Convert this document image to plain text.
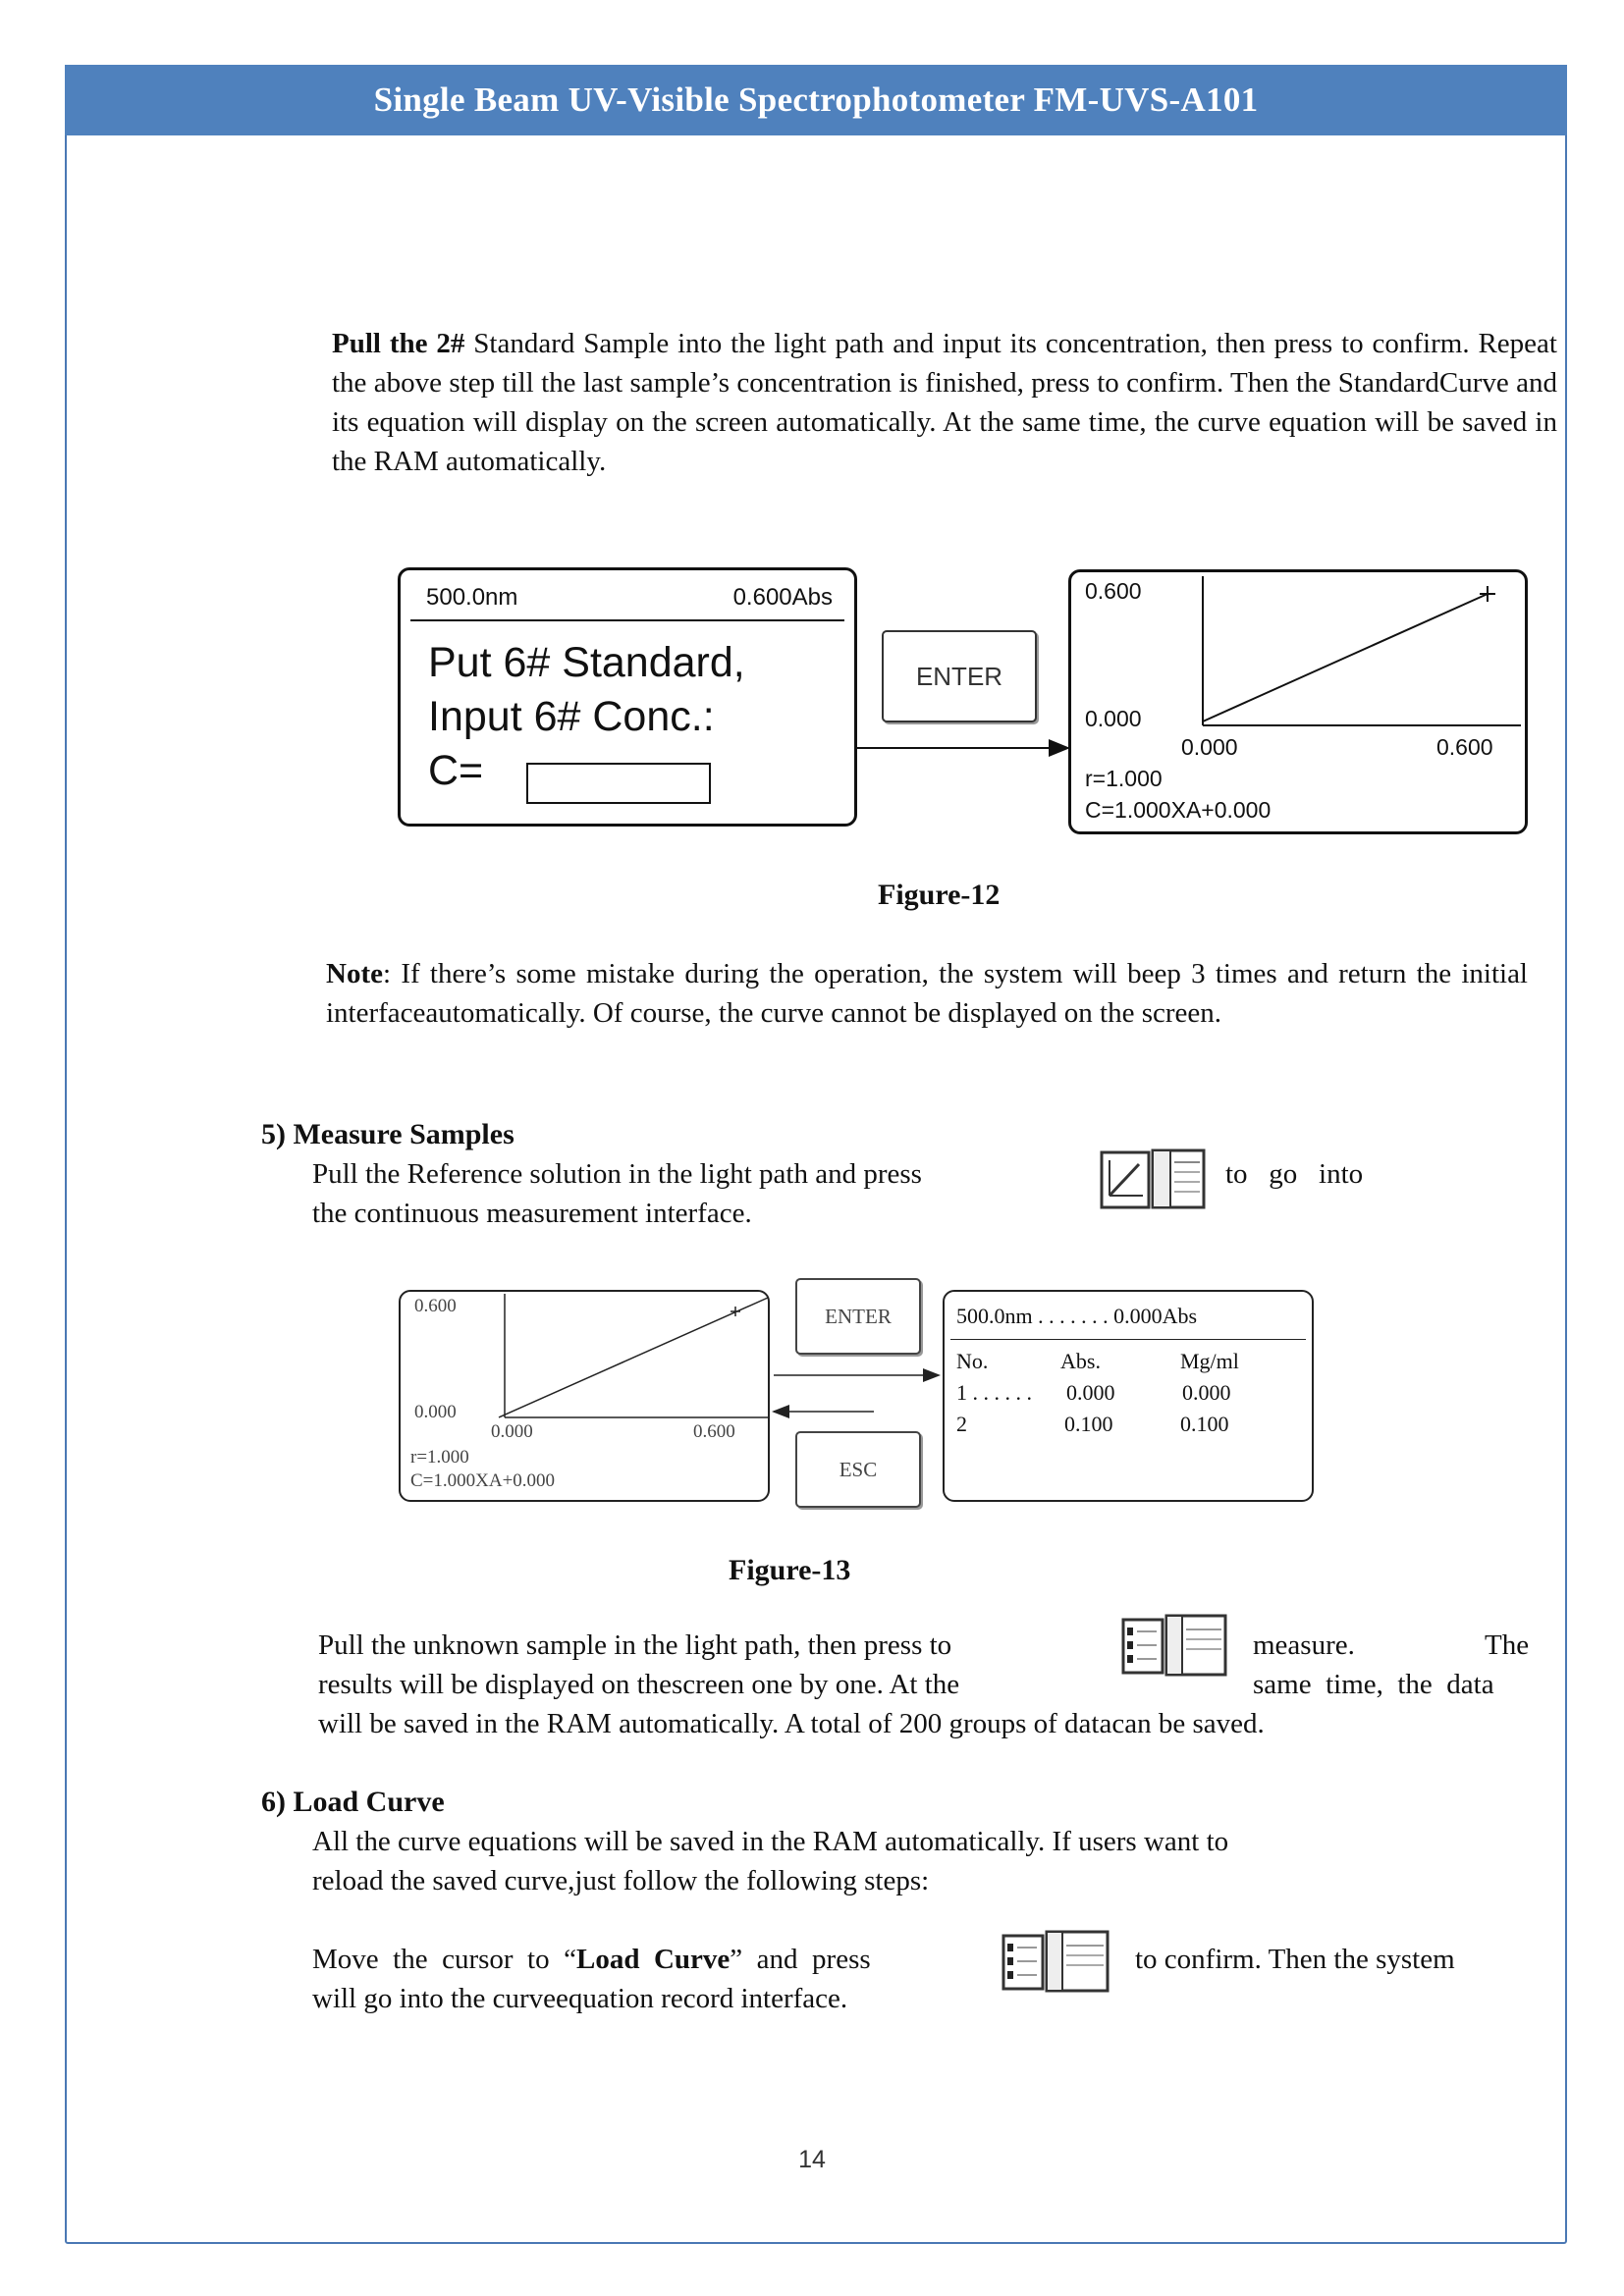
Single Beam UV-Visible Spectrophotometer FM-UVS-A101

Pull the 2# Standard Sample into the light path and input its concentration, then press to confirm. Repeat the above step till the last sample’s concentration is finished, press to confirm. Then the StandardCurve and its equation will display on the screen automatically. At the same time, the curve equation will be saved in the RAM automatically.

500.0nm	0.600Abs
Put 6# Standard,
Input 6# Conc.:
C=
ENTER
0.600
0.000
0.000	0.600
r=1.000
C=1.000XA+0.000
Figure-12

Note: If there’s some mistake during the operation, the system will beep 3 times and return the initial interfaceautomatically. Of course, the curve cannot be displayed on the screen.

5) Measure Samples
Pull the Reference solution in the light path and press	to   go   into
the continuous measurement interface.
0.600
0.000
0.000	0.600
r=1.000
C=1.000XA+0.000
ENTER
ESC
500.0nm . . . . . . . 0.000Abs
No.	Abs.	Mg/ml
1 . . . . . . 0.000	0.000
2	0.100	0.100
Figure-13
Pull the unknown sample in the light path, then press to	measure.	The
results will be displayed on thescreen one by one. At the	same  time,  the  data
will be saved in the RAM automatically. A total of 200 groups of datacan be saved.
6) Load Curve
All the curve equations will be saved in the RAM automatically. If users want to
reload the saved curve,just follow the following steps:
Move  the  cursor  to  “Load  Curve”  and  press	to confirm. Then the system
will go into the curveequation record interface.
14
